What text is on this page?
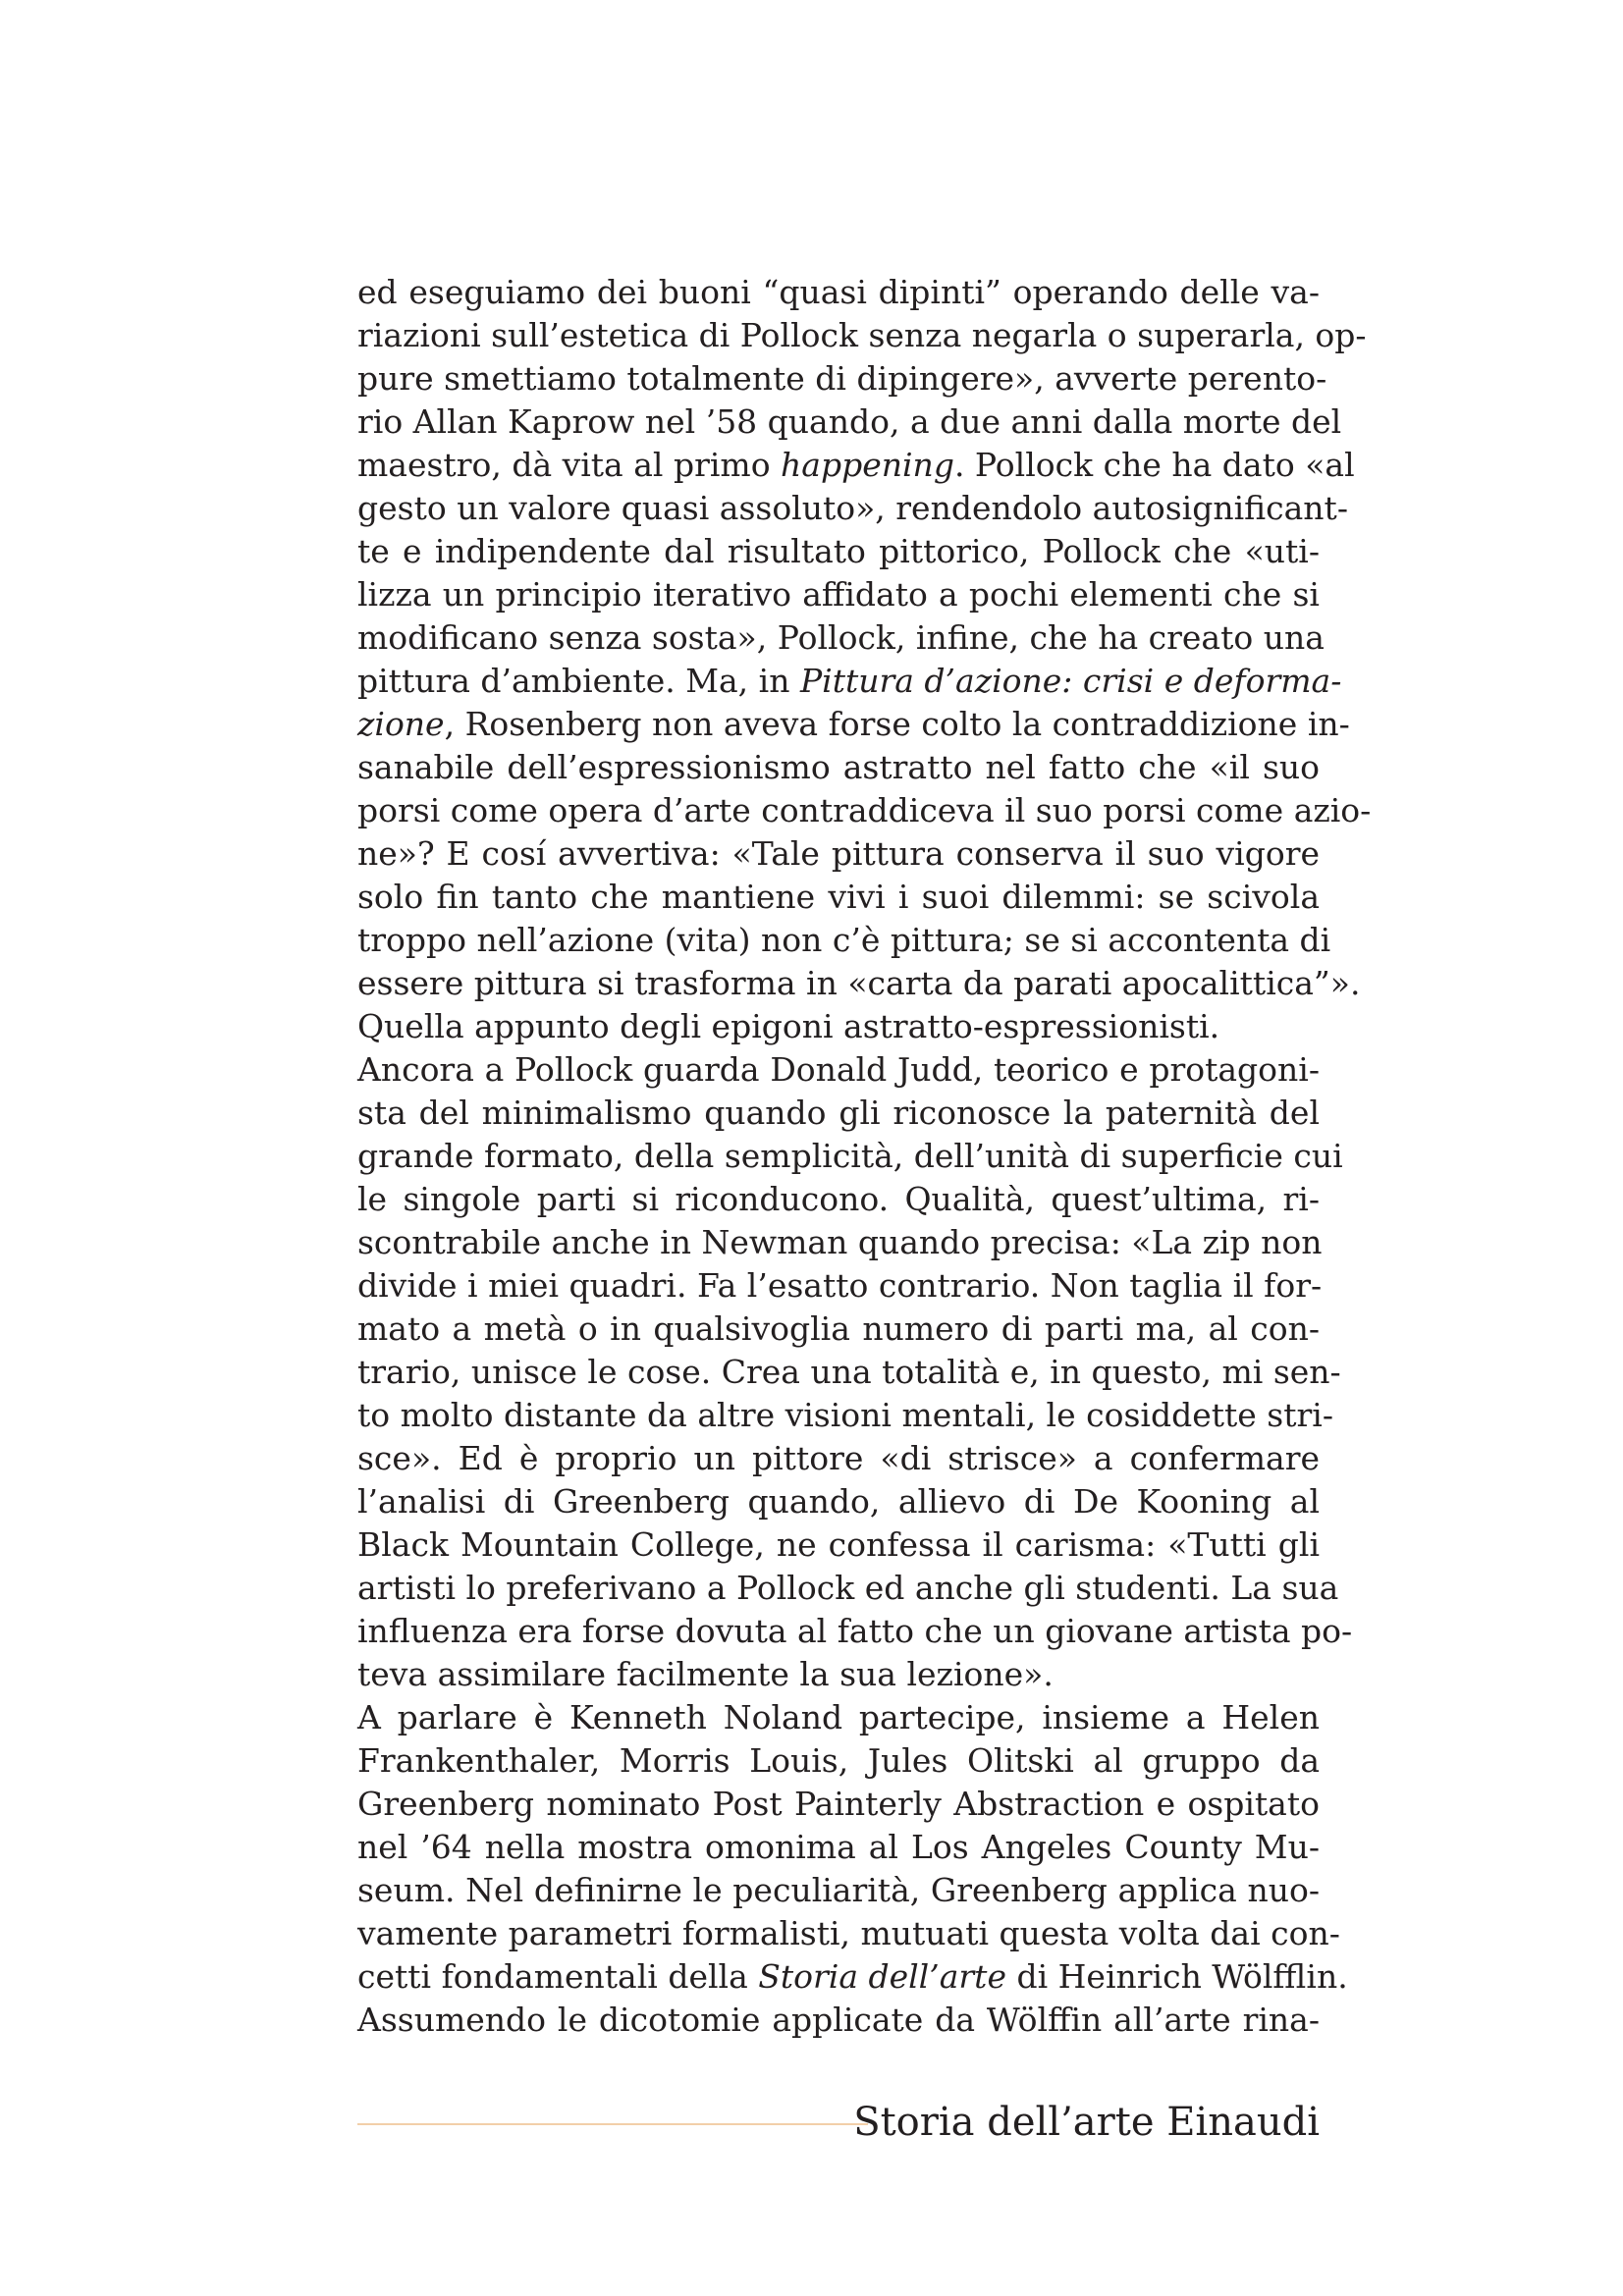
ed eseguiamo dei buoni “quasi dipinti” operando delle va-
riazioni sull’estetica di Pollock senza negarla o superarla, op-
pure smettiamo totalmente di dipingere», avverte perento-
rio Allan Kaprow nel ’58 quando, a due anni dalla morte del
maestro, dà vita al primo happening. Pollock che ha dato «al
gesto un valore quasi assoluto», rendendolo autosignificant-
te e indipendente dal risultato pittorico, Pollock che «uti-
lizza un principio iterativo affidato a pochi elementi che si
modificano senza sosta», Pollock, infine, che ha creato una
pittura d’ambiente. Ma, in Pittura d’azione: crisi e deforma-
zione, Rosenberg non aveva forse colto la contraddizione in-
sanabile dell’espressionismo astratto nel fatto che «il suo
porsi come opera d’arte contraddiceva il suo porsi come azio-
ne»? E cosí avvertiva: «Tale pittura conserva il suo vigore
solo fin tanto che mantiene vivi i suoi dilemmi: se scivola
troppo nell’azione (vita) non c’è pittura; se si accontenta di
essere pittura si trasforma in «carta da parati apocalittica”».
Quella appunto degli epigoni astratto-espressionisti.
Ancora a Pollock guarda Donald Judd, teorico e protagoni-
sta del minimalismo quando gli riconosce la paternità del
grande formato, della semplicità, dell’unità di superficie cui
le singole parti si riconducono. Qualità, quest’ultima, ri-
scontrabile anche in Newman quando precisa: «La zip non
divide i miei quadri. Fa l’esatto contrario. Non taglia il for-
mato a metà o in qualsivoglia numero di parti ma, al con-
trario, unisce le cose. Crea una totalità e, in questo, mi sen-
to molto distante da altre visioni mentali, le cosiddette stri-
sce». Ed è proprio un pittore «di strisce» a confermare
l’analisi di Greenberg quando, allievo di De Kooning al
Black Mountain College, ne confessa il carisma: «Tutti gli
artisti lo preferivano a Pollock ed anche gli studenti. La sua
influenza era forse dovuta al fatto che un giovane artista po-
teva assimilare facilmente la sua lezione».
A parlare è Kenneth Noland partecipe, insieme a Helen
Frankenthaler, Morris Louis, Jules Olitski al gruppo da
Greenberg nominato Post Painterly Abstraction e ospitato
nel ’64 nella mostra omonima al Los Angeles County Mu-
seum. Nel definirne le peculiarità, Greenberg applica nuo-
vamente parametri formalisti, mutuati questa volta dai con-
cetti fondamentali della Storia dell’arte di Heinrich Wölfflin.
Assumendo le dicotomie applicate da Wölffin all’arte rina-
Storia dell’arte Einaudi
